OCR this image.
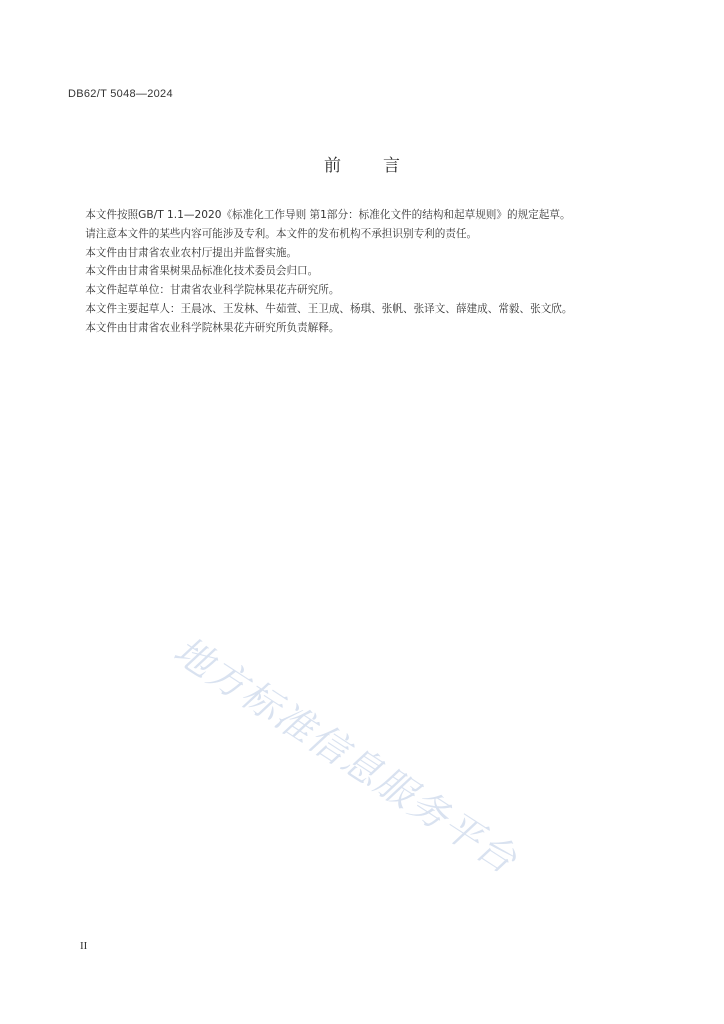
DB62/T 5048—2024
前 言

本文件按照GB/T 1.1—2020《标准化工作导则 第1部分：标准化文件的结构和起草规则》的规定起草。

请注意本文件的某些内容可能涉及专利。本文件的发布机构不承担识别专利的责任。

本文件由甘肃省农业农村厅提出并监督实施。

本文件由甘肃省果树果品标准化技术委员会归口。

本文件起草单位：甘肃省农业科学院林果花卉研究所。

本文件主要起草人：王晨冰、王发林、牛茹萱、王卫成、杨琪、张帆、张译文、薛建成、常毅、张文欣。

本文件由甘肃省农业科学院林果花卉研究所负责解释。

地方标准信息服务平台
II
